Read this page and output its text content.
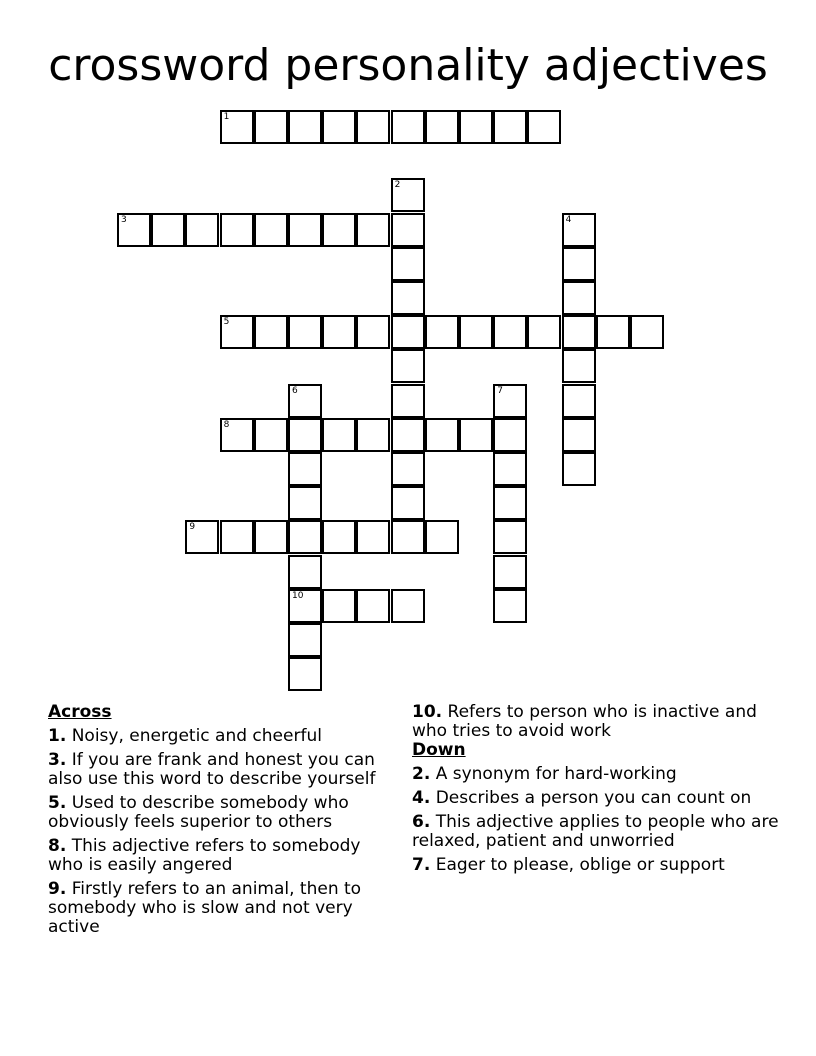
crossword personality adjectives
1
2
3	4
5
6
10
7
8
9
Across
1. Noisy, energetic and cheerful
3. If you are frank and honest you can also use this word to describe yourself
5. Used to describe somebody who obviously feels superior to others
8. This adjective refers to somebody who is easily angered
9. Firstly refers to an animal, then to somebody who is slow and not very active
10. Refers to person who is inactive and who tries to avoid work
Down
2. A synonym for hard-working
4. Describes a person you can count on
6. This adjective applies to people who are relaxed, patient and unworried
7. Eager to please, oblige or support
